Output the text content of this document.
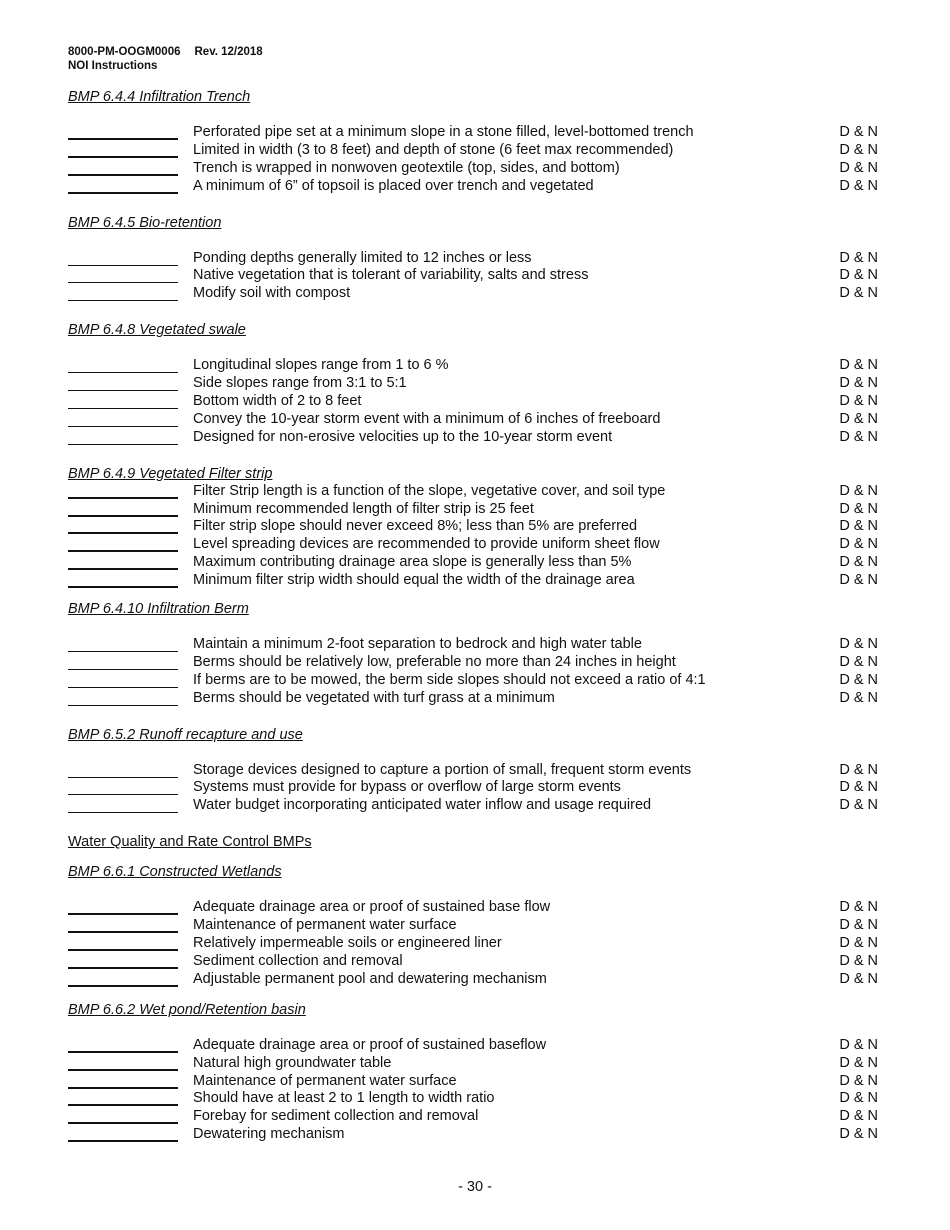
8000-PM-OOGM0006 Rev. 12/2018
NOI Instructions
BMP 6.4.4 Infiltration Trench
Perforated pipe set at a minimum slope in a stone filled, level-bottomed trench	D & N
Limited in width (3 to 8 feet) and depth of stone (6 feet max recommended)	D & N
Trench is wrapped in nonwoven geotextile (top, sides, and bottom)	D & N
A minimum of 6” of topsoil is placed over trench and vegetated	D & N
BMP 6.4.5 Bio-retention
Ponding depths generally limited to 12 inches or less	D & N
Native vegetation that is tolerant of variability, salts and stress	D & N
Modify soil with compost	D & N
BMP 6.4.8 Vegetated swale
Longitudinal slopes range from 1 to 6 %	D & N
Side slopes range from 3:1 to 5:1	D & N
Bottom width of 2 to 8 feet	D & N
Convey the 10-year storm event with a minimum of 6 inches of freeboard	D & N
Designed for non-erosive velocities up to the 10-year storm event	D & N
BMP 6.4.9 Vegetated Filter strip
Filter Strip length is a function of the slope, vegetative cover, and soil type	D & N
Minimum recommended length of filter strip is 25 feet	D & N
Filter strip slope should never exceed 8%; less than 5% are preferred	D & N
Level spreading devices are recommended to provide uniform sheet flow	D & N
Maximum contributing drainage area slope is generally less than 5%	D & N
Minimum filter strip width should equal the width of the drainage area	D & N
BMP 6.4.10 Infiltration Berm
Maintain a minimum 2-foot separation to bedrock and high water table	D & N
Berms should be relatively low, preferable no more than 24 inches in height	D & N
If berms are to be mowed, the berm side slopes should not exceed a ratio of 4:1	D & N
Berms should be vegetated with turf grass at a minimum	D & N
BMP 6.5.2 Runoff recapture and use
Storage devices designed to capture a portion of small, frequent storm events	D & N
Systems must provide for bypass or overflow of large storm events	D & N
Water budget incorporating anticipated water inflow and usage required	D & N
Water Quality and Rate Control BMPs
BMP 6.6.1 Constructed Wetlands
Adequate drainage area or proof of sustained base flow	D & N
Maintenance of permanent water surface	D & N
Relatively impermeable soils or engineered liner	D & N
Sediment collection and removal	D & N
Adjustable permanent pool and dewatering mechanism	D & N
BMP 6.6.2 Wet pond/Retention basin
Adequate drainage area or proof of sustained baseflow	D & N
Natural high groundwater table	D & N
Maintenance of permanent water surface	D & N
Should have at least 2 to 1 length to width ratio	D & N
Forebay for sediment collection and removal	D & N
Dewatering mechanism	D & N
- 30 -
